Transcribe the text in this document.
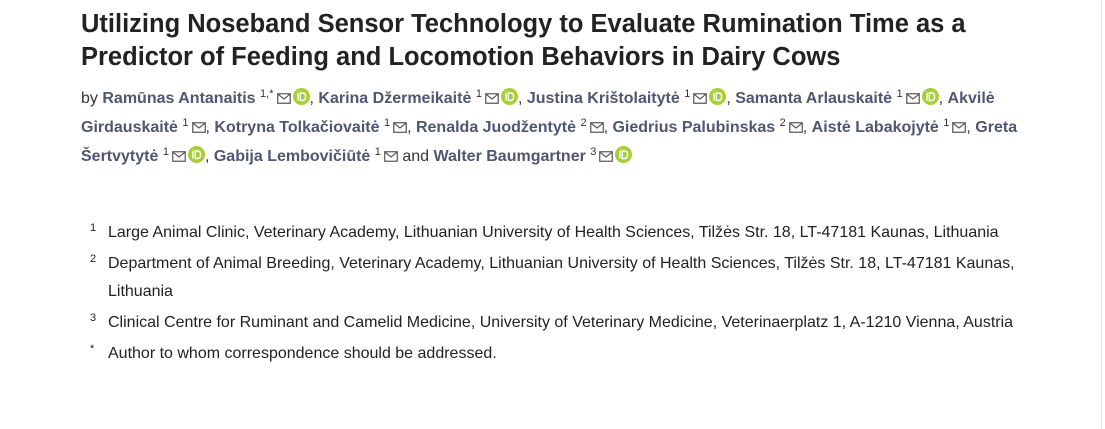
Utilizing Noseband Sensor Technology to Evaluate Rumination Time as a Predictor of Feeding and Locomotion Behaviors in Dairy Cows
by Ramūnas Antanaitis $^{1,*}$ , Karina Džermeikaitė $^1$ , Justina Krištolaitytė $^1$ , Samanta Arlauskaitė $^1$ , Akvilė Girdauskaitė $^1$ , Kotryna Tolkačiovaitė $^1$ , Renalda Juodžentytė $^2$ , Giedrius Palubinskas $^2$ , Aistė Labakojytė $^1$ , Greta Šertvytytė $^1$ , Gabija Lembovičiūtė $^1$ and Walter Baumgartner $^3$
1 Large Animal Clinic, Veterinary Academy, Lithuanian University of Health Sciences, Tilžės Str. 18, LT-47181 Kaunas, Lithuania
2 Department of Animal Breeding, Veterinary Academy, Lithuanian University of Health Sciences, Tilžės Str. 18, LT-47181 Kaunas, Lithuania
3 Clinical Centre for Ruminant and Camelid Medicine, University of Veterinary Medicine, Veterinaerplatz 1, A-1210 Vienna, Austria
* Author to whom correspondence should be addressed.
